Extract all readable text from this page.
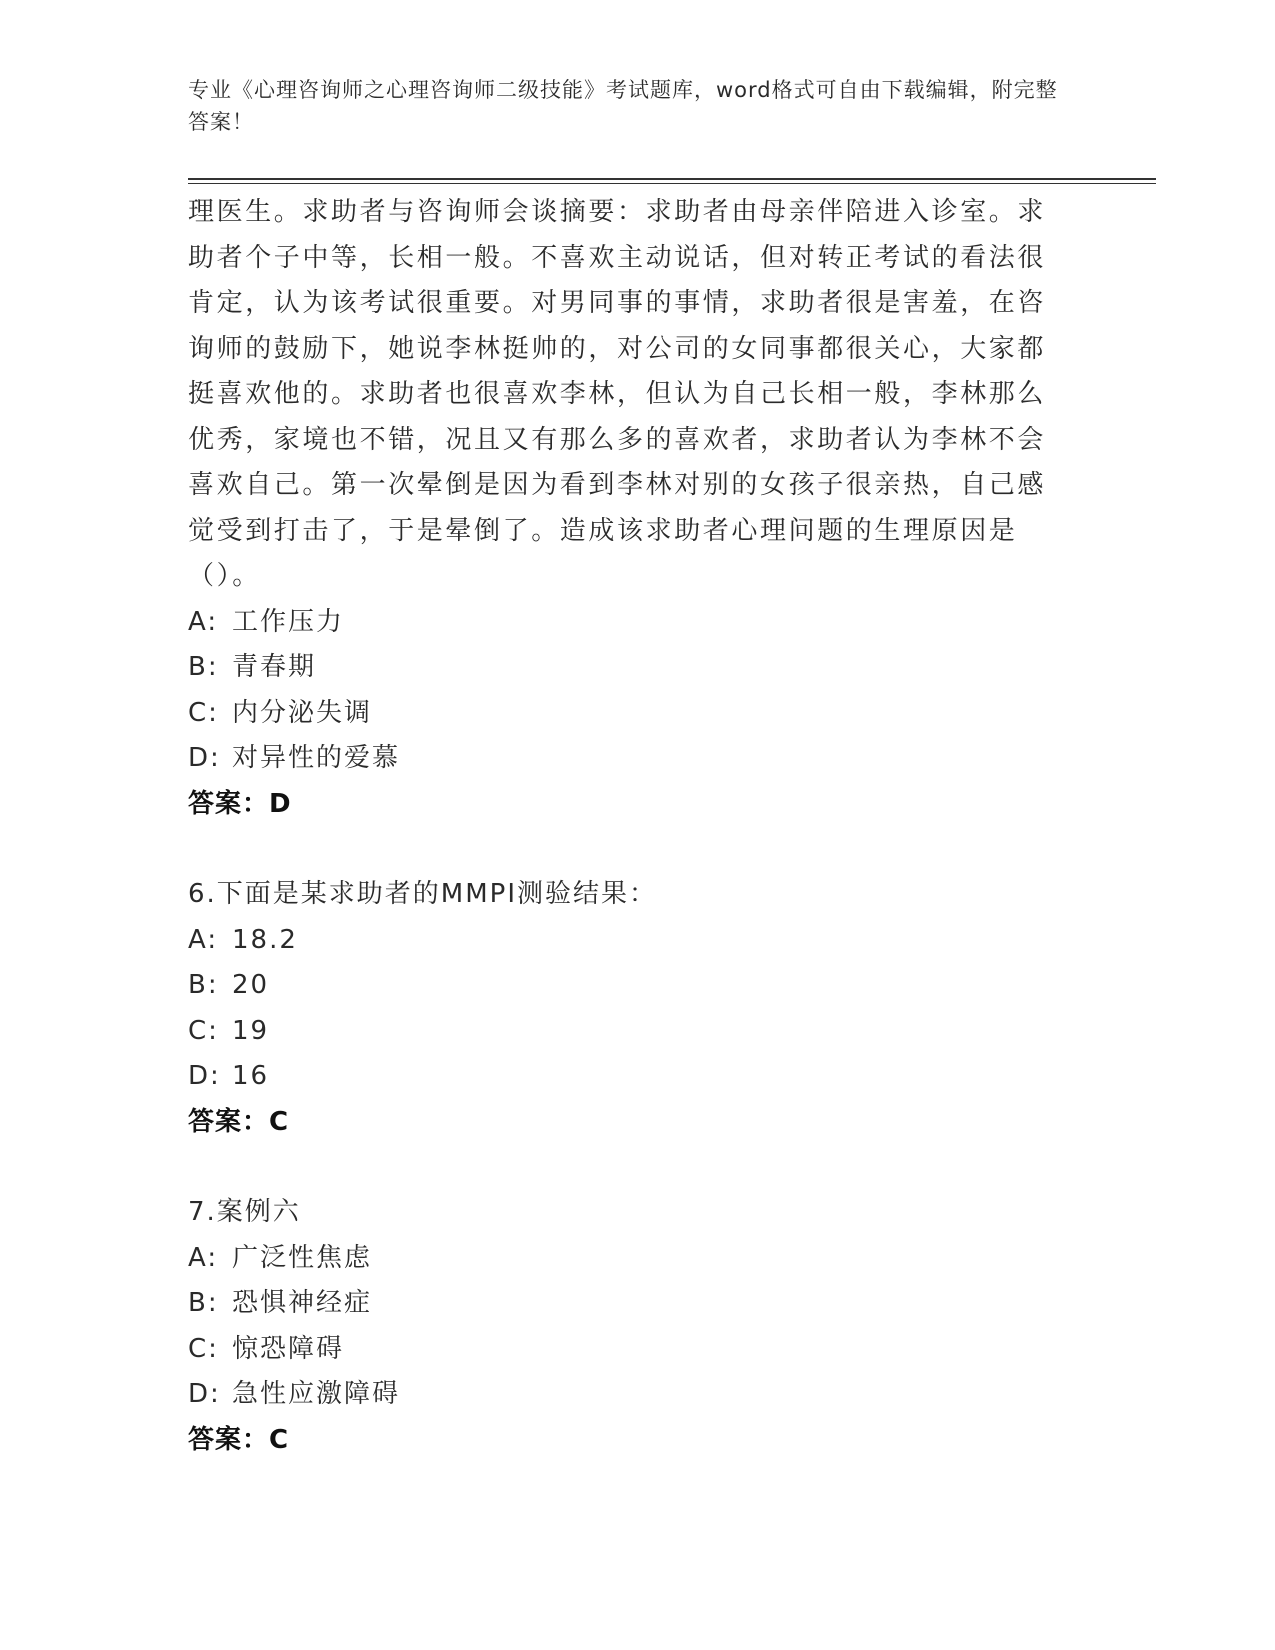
专业《心理咨询师之心理咨询师二级技能》考试题库，word格式可自由下载编辑，附完整答案！

理医生。求助者与咨询师会谈摘要：求助者由母亲伴陪进入诊室。求助者个子中等，长相一般。不喜欢主动说话，但对转正考试的看法很肯定，认为该考试很重要。对男同事的事情，求助者很是害羞，在咨询师的鼓励下，她说李林挺帅的，对公司的女同事都很关心，大家都挺喜欢他的。求助者也很喜欢李林，但认为自己长相一般，李林那么优秀，家境也不错，况且又有那么多的喜欢者，求助者认为李林不会喜欢自己。第一次晕倒是因为看到李林对别的女孩子很亲热，自己感觉受到打击了，于是晕倒了。造成该求助者心理问题的生理原因是（）。

A: 工作压力

B: 青春期

C: 内分泌失调

D: 对异性的爱慕

答案：D

6.下面是某求助者的MMPI测验结果：

A: 18.2

B: 20

C: 19

D: 16

答案：C

7.案例六

A: 广泛性焦虑

B: 恐惧神经症

C: 惊恐障碍

D: 急性应激障碍

答案：C
